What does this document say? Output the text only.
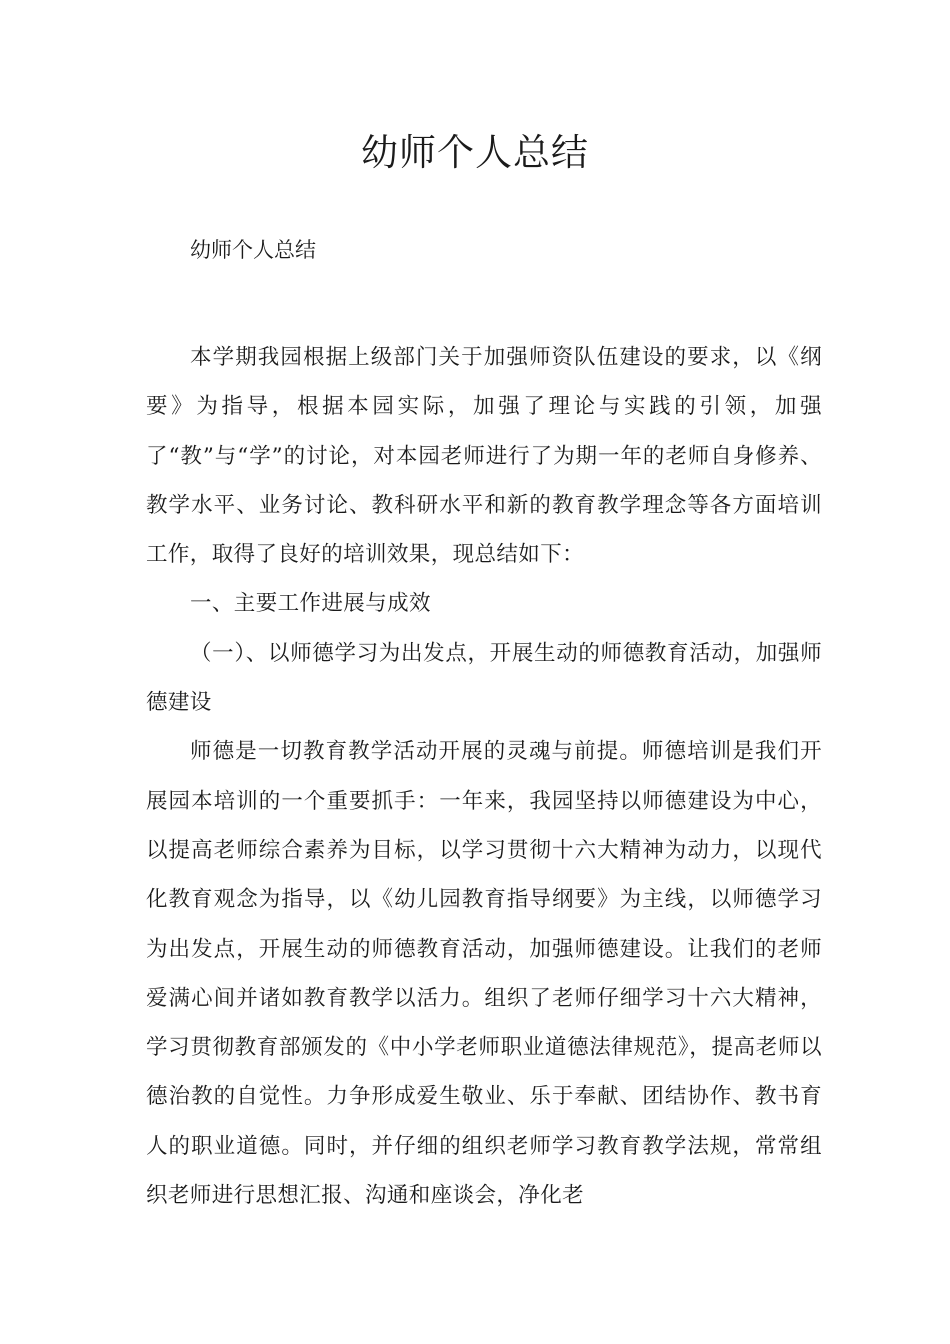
幼师个人总结

幼师个人总结

本学期我园根据上级部门关于加强师资队伍建设的要求，以《纲要》为指导，根据本园实际，加强了理论与实践的引领，加强了“教”与“学”的讨论，对本园老师进行了为期一年的老师自身修养、教学水平、业务讨论、教科研水平和新的教育教学理念等各方面培训工作，取得了良好的培训效果，现总结如下：

一、主要工作进展与成效

（一）、以师德学习为出发点，开展生动的师德教育活动，加强师德建设

师德是一切教育教学活动开展的灵魂与前提。师德培训是我们开展园本培训的一个重要抓手：一年来，我园坚持以师德建设为中心，以提高老师综合素养为目标，以学习贯彻十六大精神为动力，以现代化教育观念为指导，以《幼儿园教育指导纲要》为主线，以师德学习为出发点，开展生动的师德教育活动，加强师德建设。让我们的老师爱满心间并诸如教育教学以活力。组织了老师仔细学习十六大精神，学习贯彻教育部颁发的《中小学老师职业道德法律规范》，提高老师以德治教的自觉性。力争形成爱生敬业、乐于奉献、团结协作、教书育人的职业道德。同时，并仔细的组织老师学习教育教学法规，常常组织老师进行思想汇报、沟通和座谈会，净化老
